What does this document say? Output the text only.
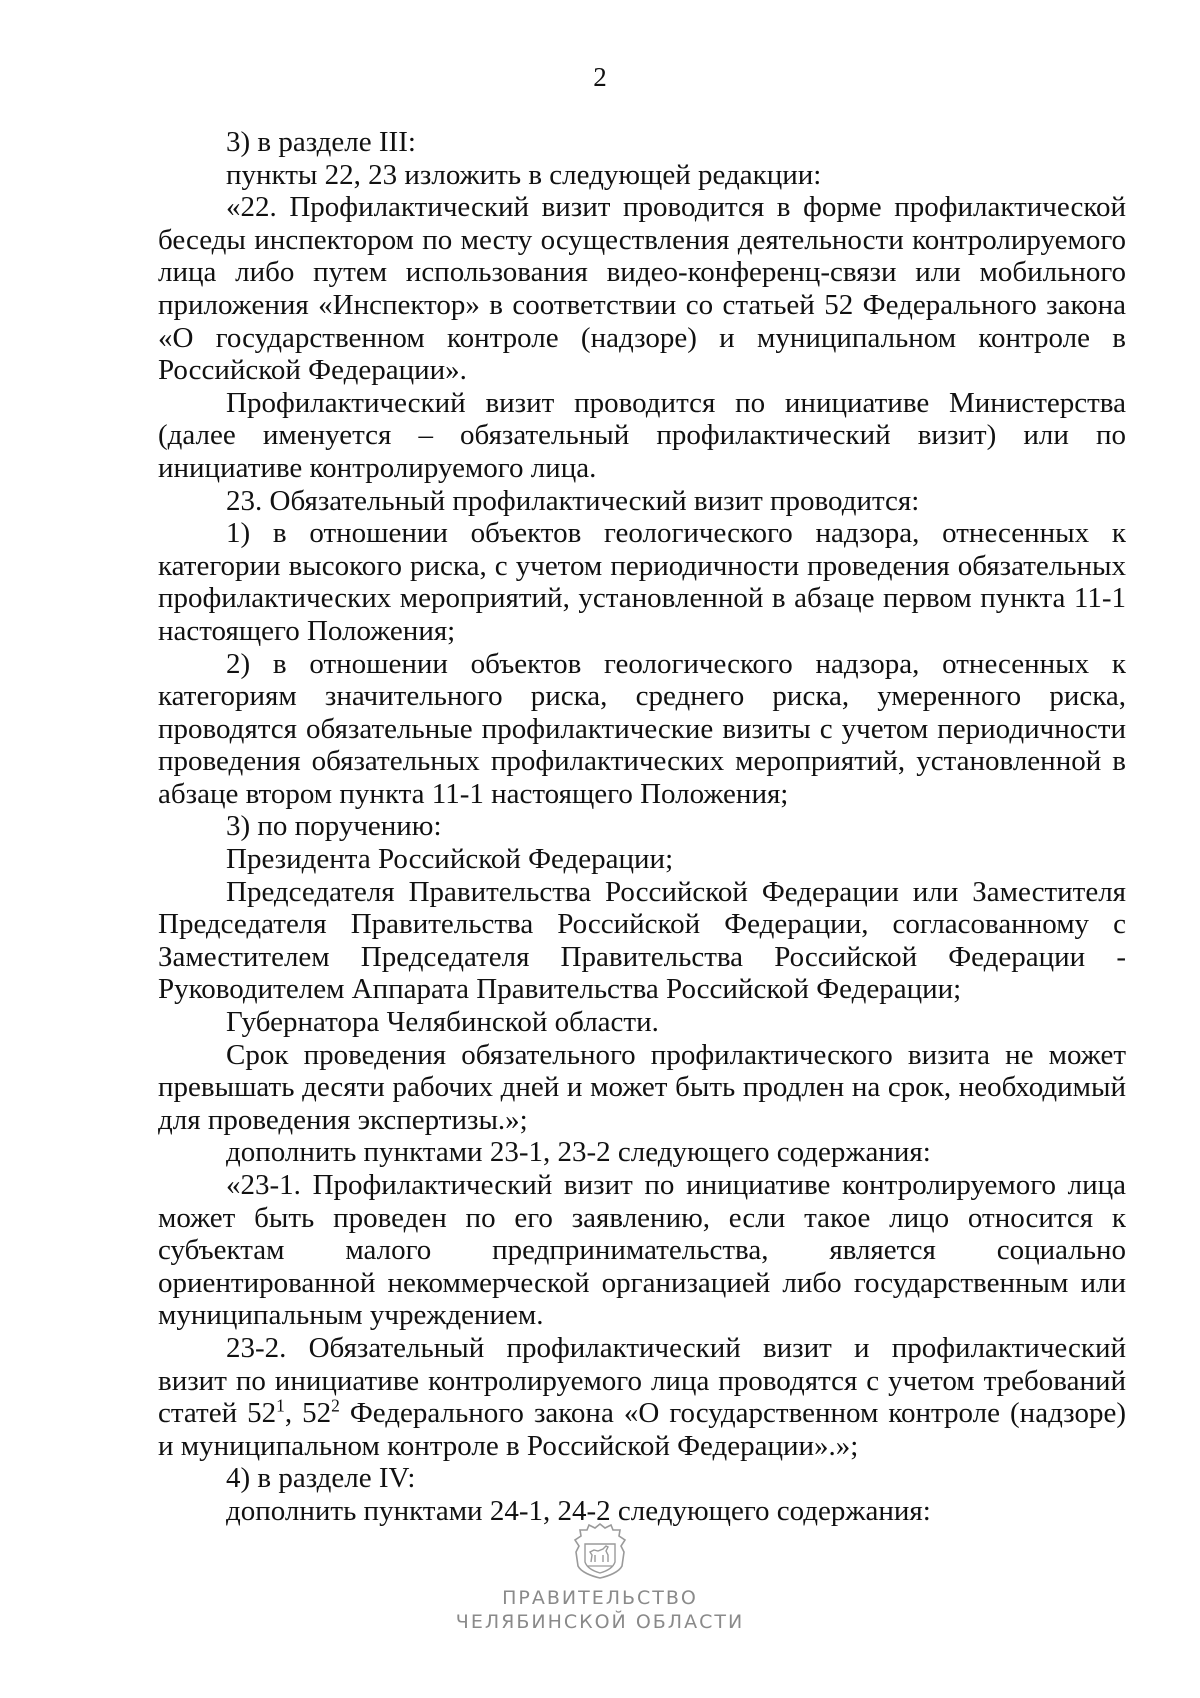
2

3) в разделе III:

пункты 22, 23 изложить в следующей редакции:

«22. Профилактический визит проводится в форме профилактической беседы инспектором по месту осуществления деятельности контролируемого лица либо путем использования видео-конференц-связи или мобильного приложения «Инспектор» в соответствии со статьей 52 Федерального закона «О государственном контроле (надзоре) и муниципальном контроле в Российской Федерации».

Профилактический визит проводится по инициативе Министерства (далее именуется – обязательный профилактический визит) или по инициативе контролируемого лица.

23. Обязательный профилактический визит проводится:

1) в отношении объектов геологического надзора, отнесенных к категории высокого риска, с учетом периодичности проведения обязательных профилактических мероприятий, установленной в абзаце первом пункта 11-1 настоящего Положения;

2) в отношении объектов геологического надзора, отнесенных к категориям значительного риска, среднего риска, умеренного риска, проводятся обязательные профилактические визиты с учетом периодичности проведения обязательных профилактических мероприятий, установленной в абзаце втором пункта 11-1 настоящего Положения;

3) по поручению:

Президента Российской Федерации;

Председателя Правительства Российской Федерации или Заместителя Председателя Правительства Российской Федерации, согласованному с Заместителем Председателя Правительства Российской Федерации - Руководителем Аппарата Правительства Российской Федерации;

Губернатора Челябинской области.

Срок проведения обязательного профилактического визита не может превышать десяти рабочих дней и может быть продлен на срок, необходимый для проведения экспертизы.»;

дополнить пунктами 23-1, 23-2 следующего содержания:

«23-1. Профилактический визит по инициативе контролируемого лица может быть проведен по его заявлению, если такое лицо относится к субъектам малого предпринимательства, является социально ориентированной некоммерческой организацией либо государственным или муниципальным учреждением.

23-2. Обязательный профилактический визит и профилактический визит по инициативе контролируемого лица проводятся с учетом требований статей $52^1$, $52^2$ Федерального закона «О государственном контроле (надзоре) и муниципальном контроле в Российской Федерации».»;

4) в разделе IV:

дополнить пунктами 24-1, 24-2 следующего содержания:

ПРАВИТЕЛЬСТВО
ЧЕЛЯБИНСКОЙ ОБЛАСТИ
